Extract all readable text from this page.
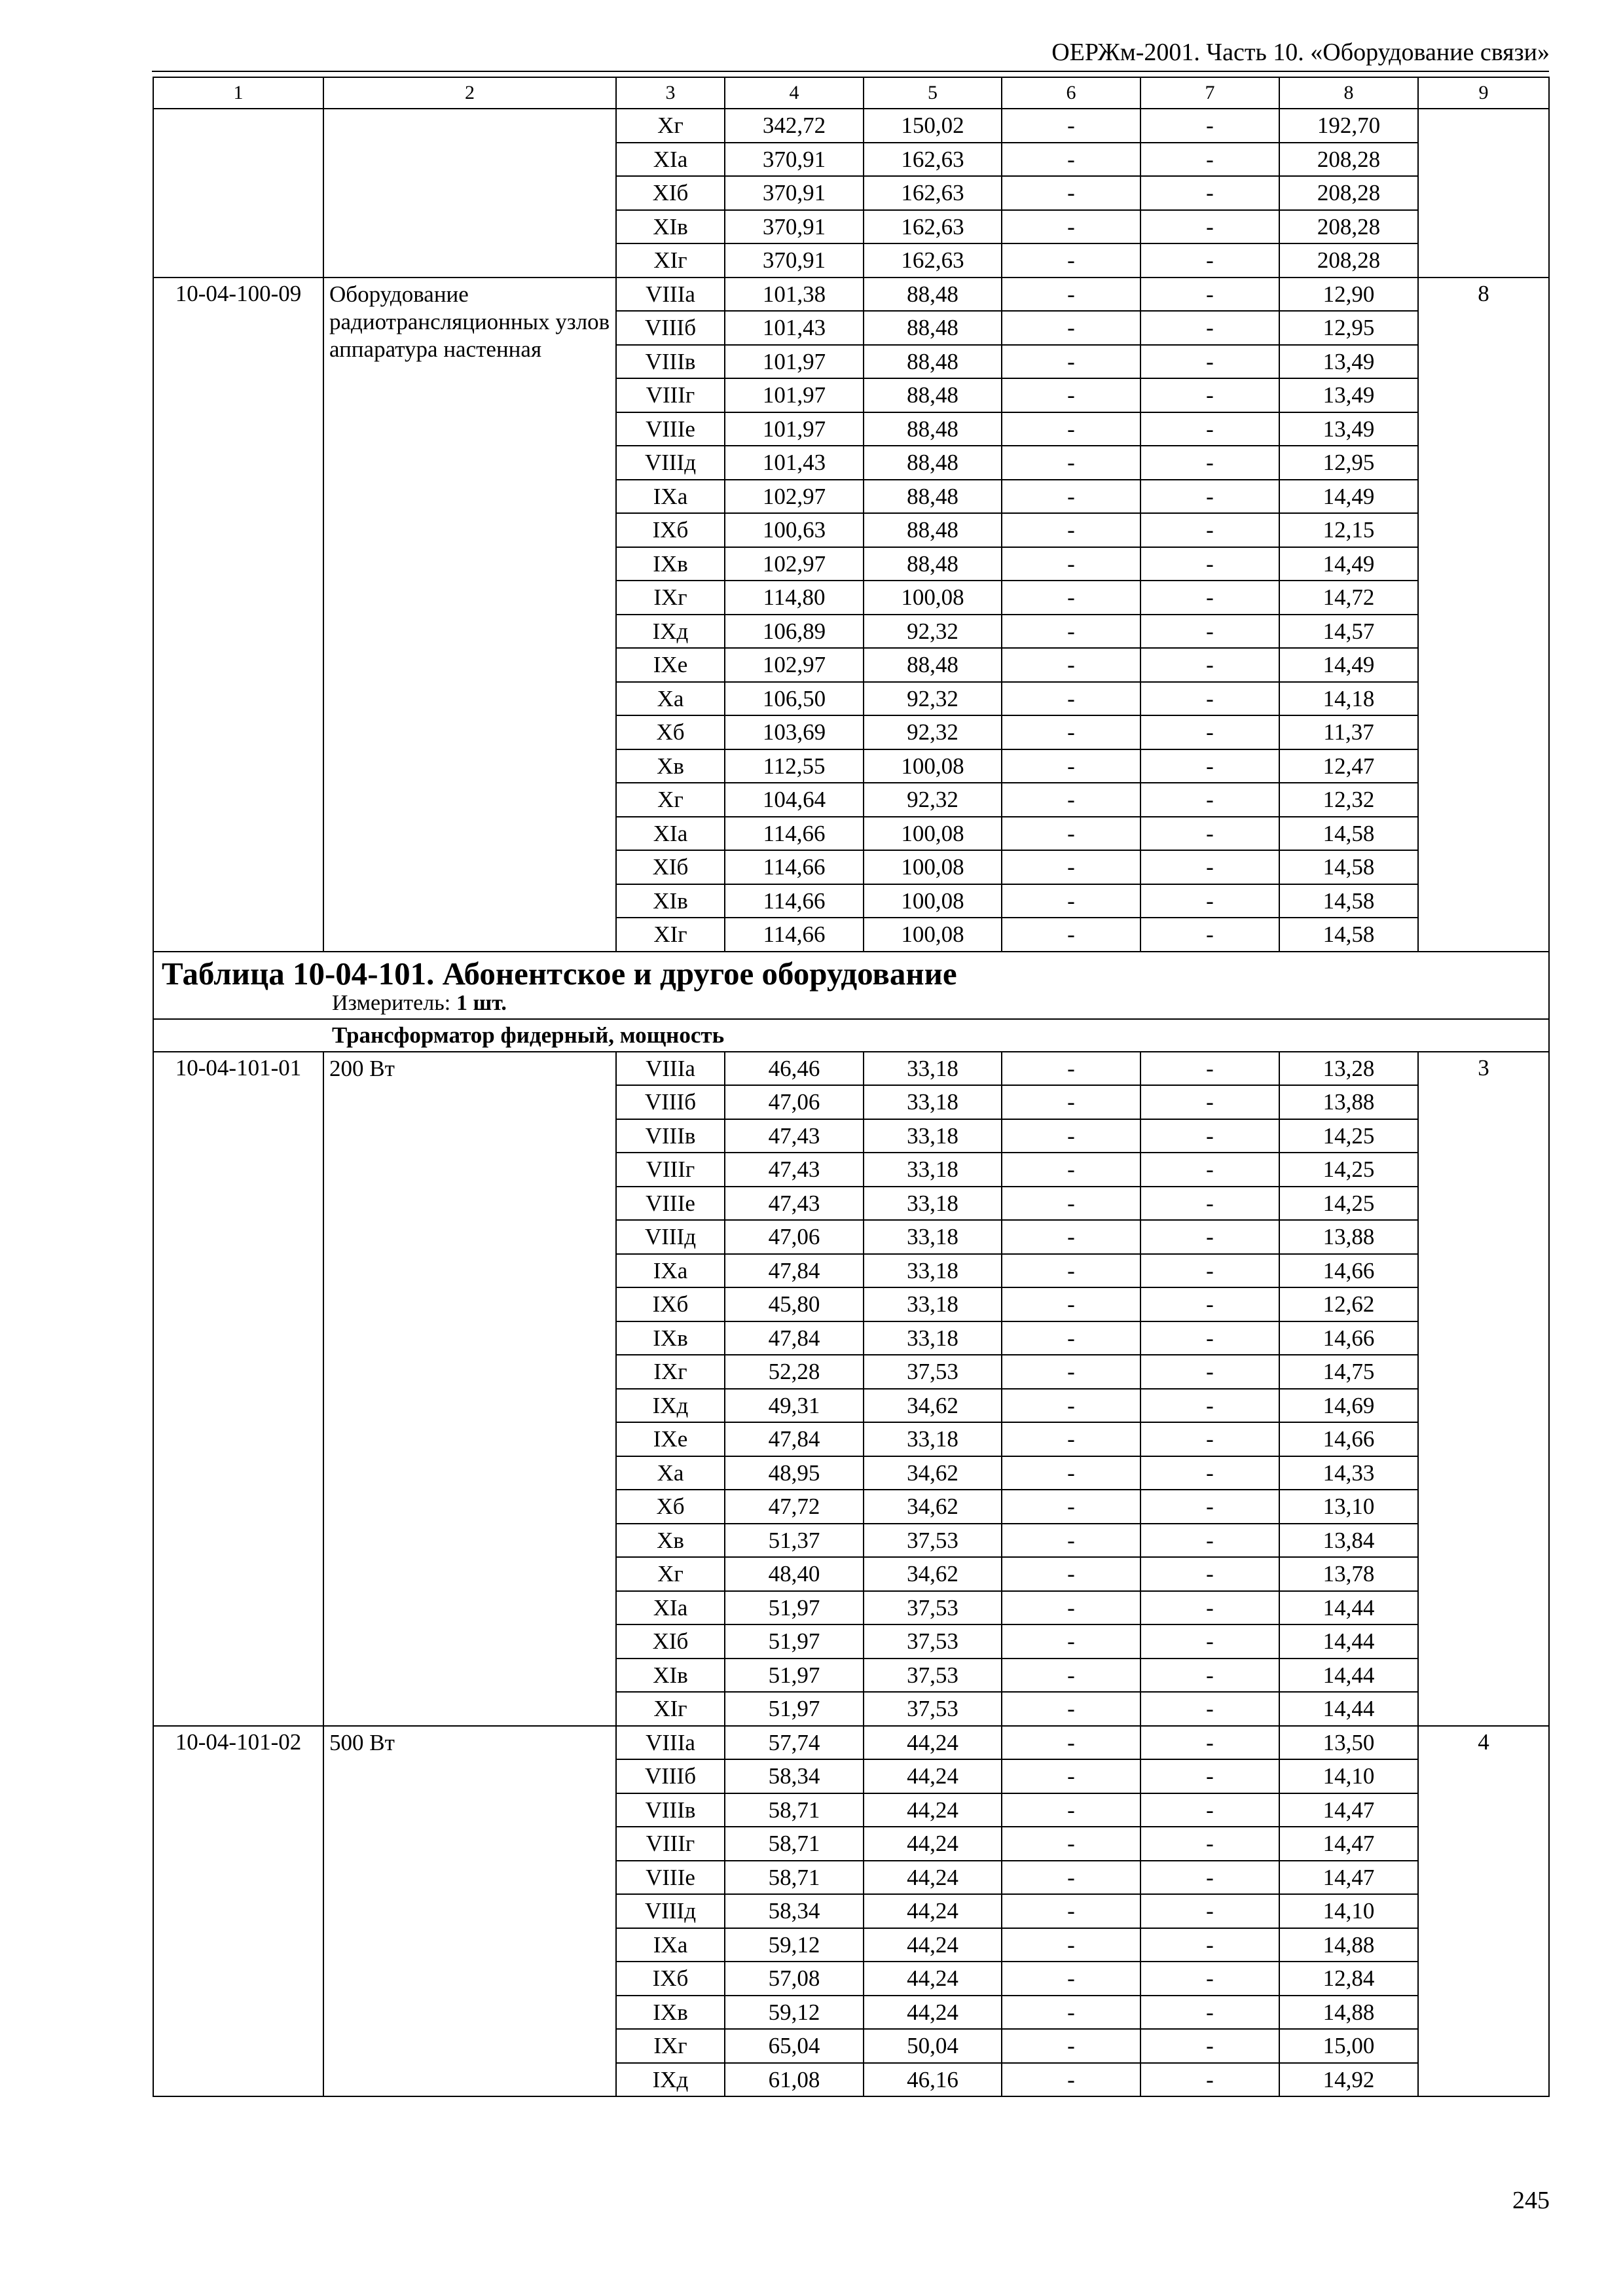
ОЕРЖм-2001. Часть 10. «Оборудование связи»
1	2	3	4	5	6	7	8	9
		Xг	342,72	150,02	-	-	192,70	
		XIа	370,91	162,63	-	-	208,28	
		XIб	370,91	162,63	-	-	208,28	
		XIв	370,91	162,63	-	-	208,28	
		XIг	370,91	162,63	-	-	208,28	
10-04-100-09	Оборудование радиотрансляционных узлов аппаратура настенная	VIIIа	101,38	88,48	-	-	12,90	8
		VIIIб	101,43	88,48	-	-	12,95	
		VIIIв	101,97	88,48	-	-	13,49	
		VIIIг	101,97	88,48	-	-	13,49	
		VIIIе	101,97	88,48	-	-	13,49	
		VIIIд	101,43	88,48	-	-	12,95	
		IXа	102,97	88,48	-	-	14,49	
		IXб	100,63	88,48	-	-	12,15	
		IXв	102,97	88,48	-	-	14,49	
		IXг	114,80	100,08	-	-	14,72	
		IXд	106,89	92,32	-	-	14,57	
		IXе	102,97	88,48	-	-	14,49	
		Xа	106,50	92,32	-	-	14,18	
		Xб	103,69	92,32	-	-	11,37	
		Xв	112,55	100,08	-	-	12,47	
		Xг	104,64	92,32	-	-	12,32	
		XIа	114,66	100,08	-	-	14,58	
		XIб	114,66	100,08	-	-	14,58	
		XIв	114,66	100,08	-	-	14,58	
		XIг	114,66	100,08	-	-	14,58	

Таблица 10-04-101. Абонентское и другое оборудование
Измеритель: 1 шт.								

Трансформатор фидерный, мощность								
10-04-101-01	200 Вт	VIIIа	46,46	33,18	-	-	13,28	3
		VIIIб	47,06	33,18	-	-	13,88	
		VIIIв	47,43	33,18	-	-	14,25	
		VIIIг	47,43	33,18	-	-	14,25	
		VIIIе	47,43	33,18	-	-	14,25	
		VIIIд	47,06	33,18	-	-	13,88	
		IXа	47,84	33,18	-	-	14,66	
		IXб	45,80	33,18	-	-	12,62	
		IXв	47,84	33,18	-	-	14,66	
		IXг	52,28	37,53	-	-	14,75	
		IXд	49,31	34,62	-	-	14,69	
		IXе	47,84	33,18	-	-	14,66	
		Xа	48,95	34,62	-	-	14,33	
		Xб	47,72	34,62	-	-	13,10	
		Xв	51,37	37,53	-	-	13,84	
		Xг	48,40	34,62	-	-	13,78	
		XIа	51,97	37,53	-	-	14,44	
		XIб	51,97	37,53	-	-	14,44	
		XIв	51,97	37,53	-	-	14,44	
		XIг	51,97	37,53	-	-	14,44	
10-04-101-02	500 Вт	VIIIа	57,74	44,24	-	-	13,50	4
		VIIIб	58,34	44,24	-	-	14,10	
		VIIIв	58,71	44,24	-	-	14,47	
		VIIIг	58,71	44,24	-	-	14,47	
		VIIIе	58,71	44,24	-	-	14,47	
		VIIIд	58,34	44,24	-	-	14,10	
		IXа	59,12	44,24	-	-	14,88	
		IXб	57,08	44,24	-	-	12,84	
		IXв	59,12	44,24	-	-	14,88	
		IXг	65,04	50,04	-	-	15,00	
		IXд	61,08	46,16	-	-	14,92	
245
